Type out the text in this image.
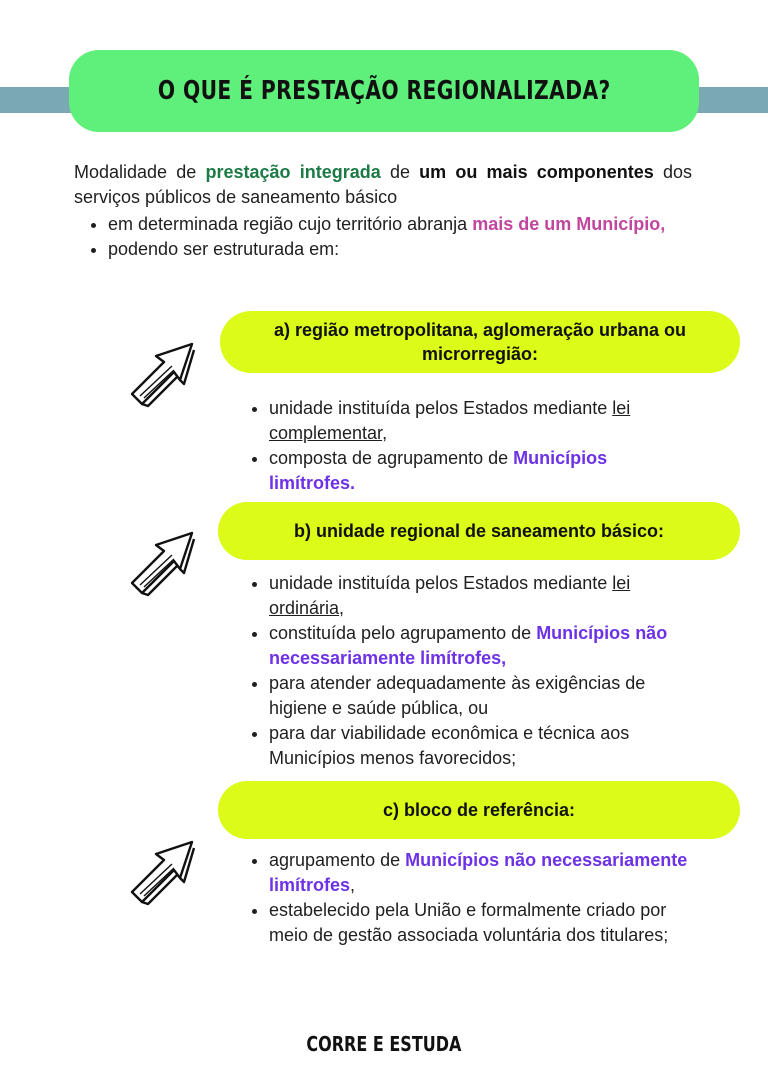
O QUE É PRESTAÇÃO REGIONALIZADA?

Modalidade de prestação integrada de um ou mais componentes dos serviços públicos de saneamento básico

• em determinada região cujo território abranja mais de um Município,
• podendo ser estruturada em:
a) região metropolitana, aglomeração urbana ou microrregião:
• unidade instituída pelos Estados mediante lei complementar,
• composta de agrupamento de Municípios limítrofes.
b) unidade regional de saneamento básico:
• unidade instituída pelos Estados mediante lei ordinária,
• constituída pelo agrupamento de Municípios não necessariamente limítrofes,
• para atender adequadamente às exigências de higiene e saúde pública, ou
• para dar viabilidade econômica e técnica aos Municípios menos favorecidos;
c) bloco de referência:
• agrupamento de Municípios não necessariamente limítrofes,
• estabelecido pela União e formalmente criado por meio de gestão associada voluntária dos titulares;
CORRE E ESTUDA
